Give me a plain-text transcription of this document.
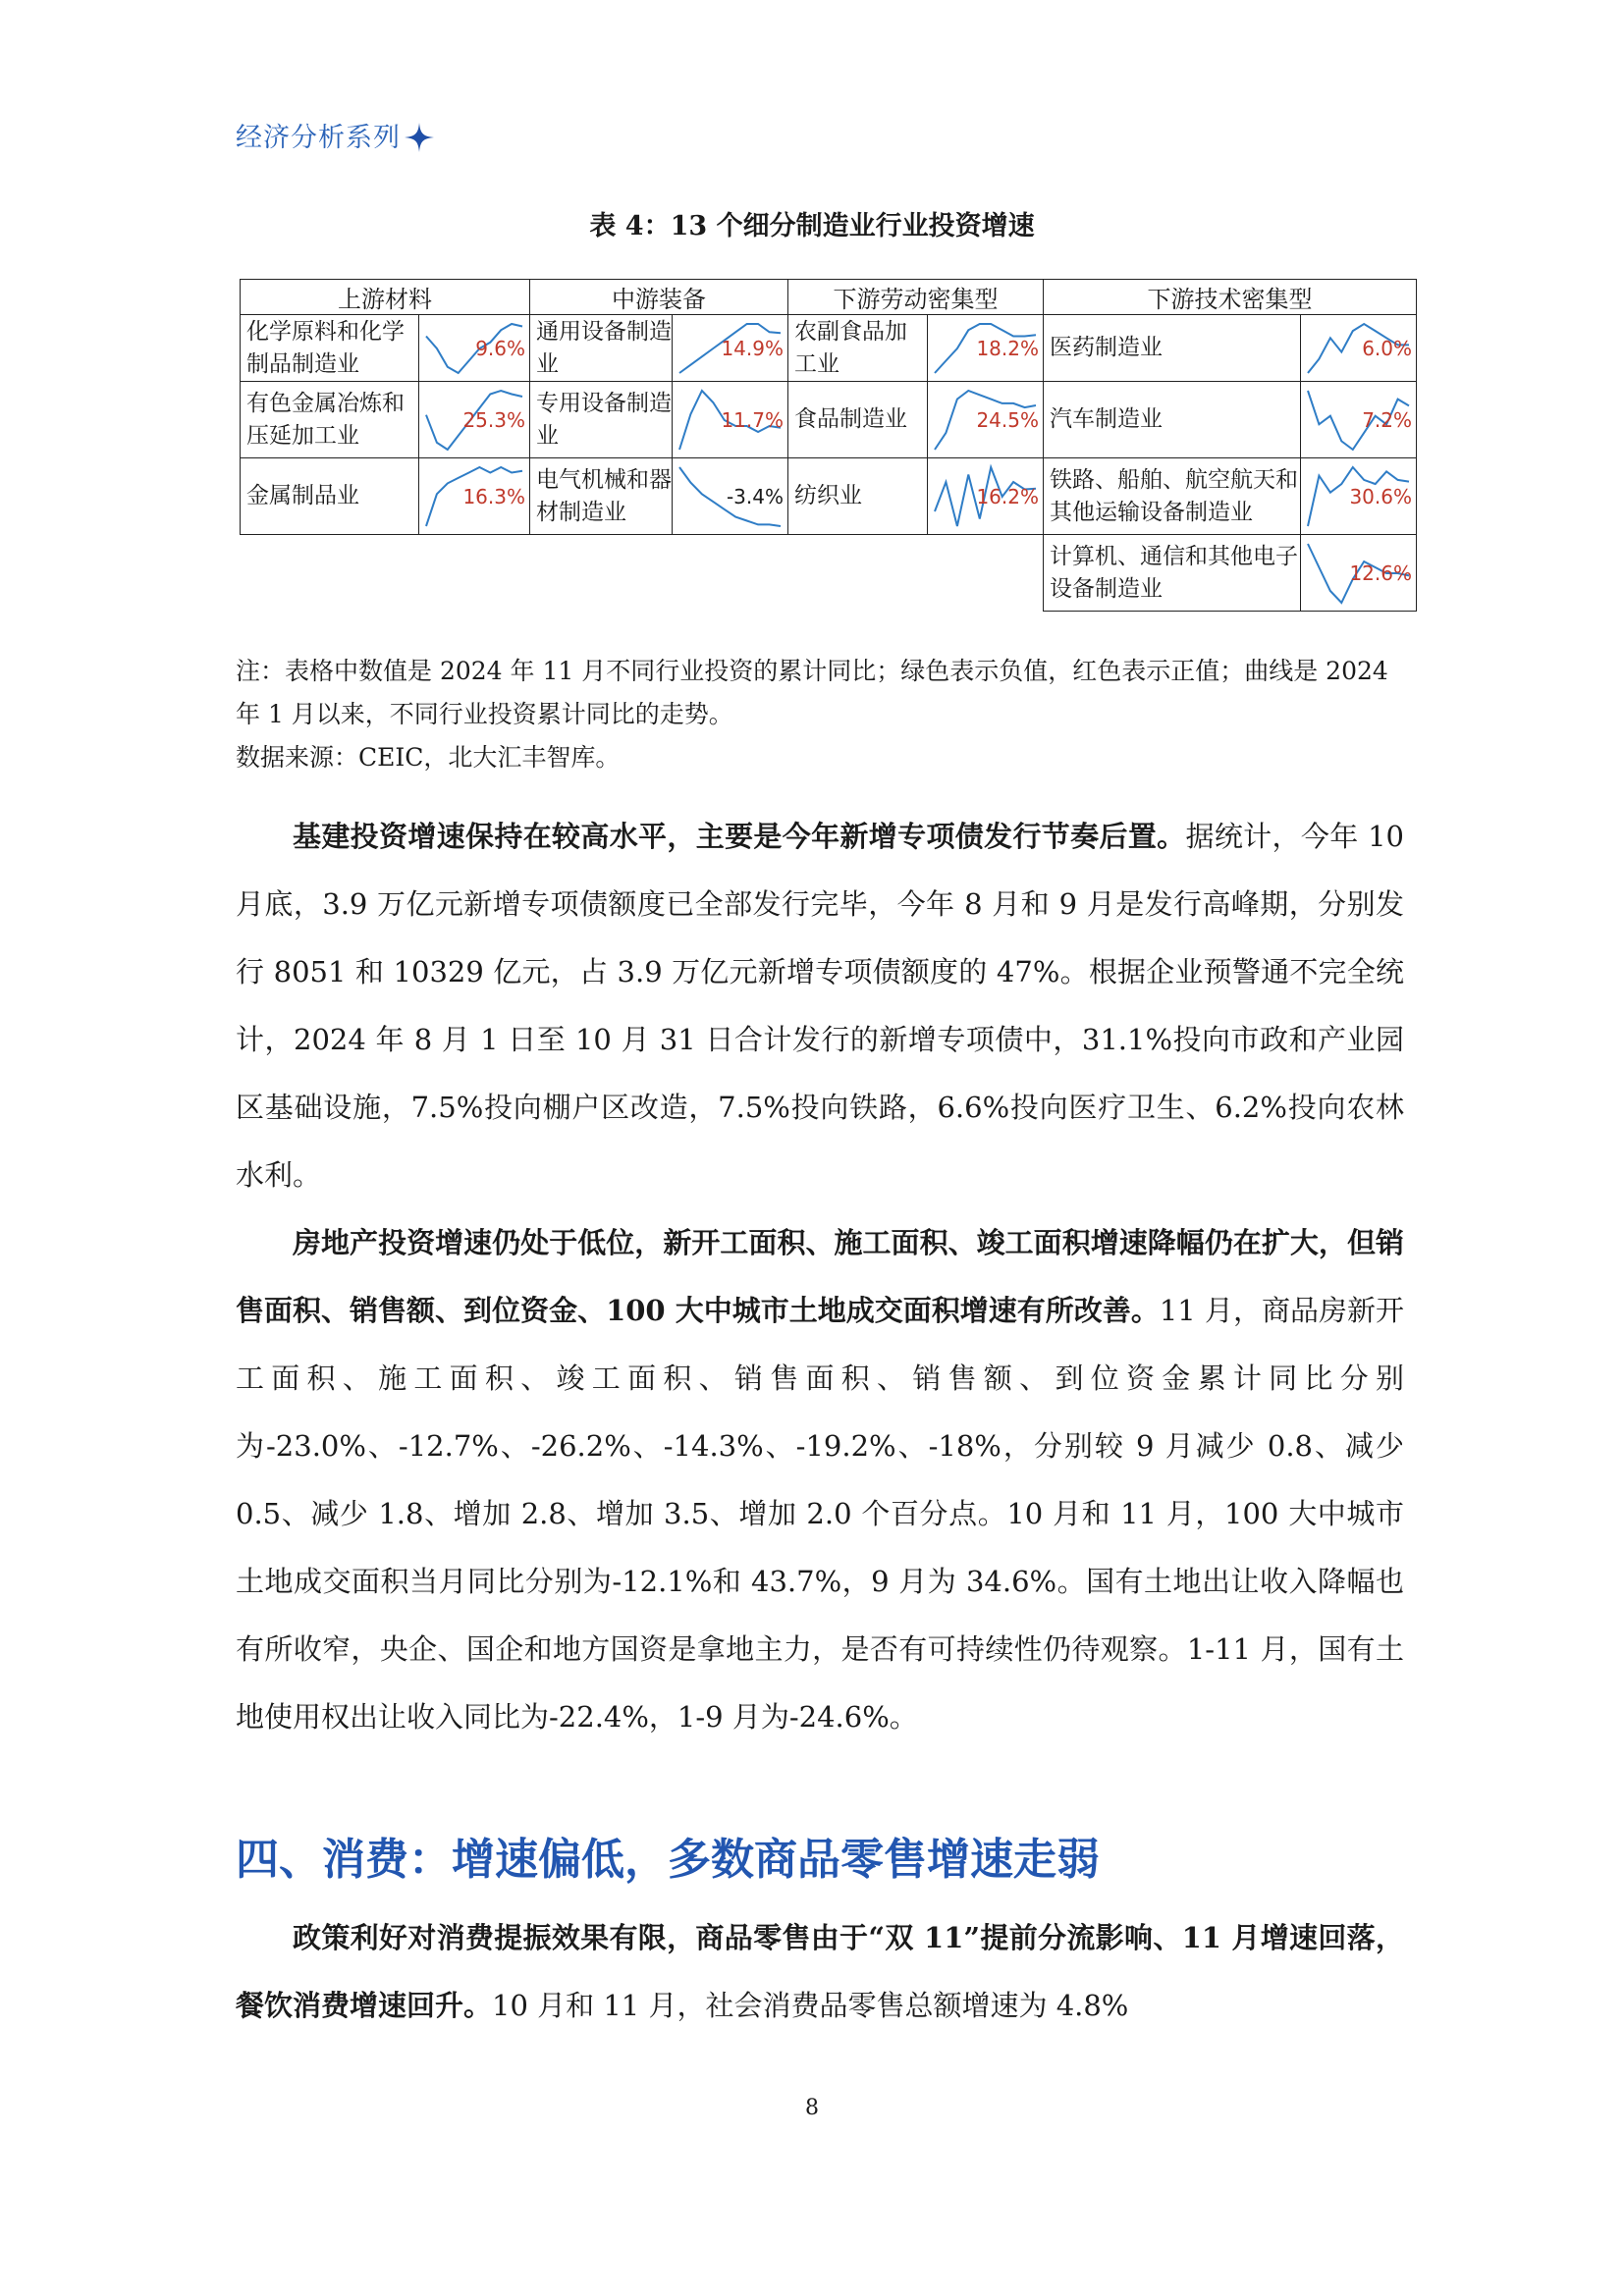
经济分析系列
表 4：13 个细分制造业行业投资增速
上游材料		中游装备		下游劳动密集型		下游技术密集型	
化学原料和化学制品制造业	9.6%	通用设备制造业	14.9%	农副食品加工业	18.2%	医药制造业	6.0%

有色金属冶炼和压延加工业	25.3%	专用设备制造业	11.7%	食品制造业	24.5%	汽车制造业	7.2%

金属制品业	16.3%	电气机械和器材制造业	-3.4%	纺织业	16.2%	铁路、船舶、航空航天和其他运输设备制造业	30.6%

						计算机、通信和其他电子设备制造业	12.6%
注：表格中数值是 2024 年 11 月不同行业投资的累计同比；绿色表示负值，红色表示正值；曲线是 2024 年 1 月以来，不同行业投资累计同比的走势。
数据来源：CEIC，北大汇丰智库。
基建投资增速保持在较高水平，主要是今年新增专项债发行节奏后置。据统计，今年 10 月底，3.9 万亿元新增专项债额度已全部发行完毕，今年 8 月和 9 月是发行高峰期，分别发行 8051 和 10329 亿元，占 3.9 万亿元新增专项债额度的 47%。根据企业预警通不完全统计，2024 年 8 月 1 日至 10 月 31 日合计发行的新增专项债中，31.1%投向市政和产业园区基础设施，7.5%投向棚户区改造，7.5%投向铁路，6.6%投向医疗卫生、6.2%投向农林水利。
房地产投资增速仍处于低位，新开工面积、施工面积、竣工面积增速降幅仍在扩大，但销售面积、销售额、到位资金、100 大中城市土地成交面积增速有所改善。11 月，商品房新开工面积、施工面积、竣工面积、销售面积、销售额、到位资金累计同比分别为-23.0%、-12.7%、-26.2%、-14.3%、-19.2%、-18%，分别较 9 月减少 0.8、减少 0.5、减少 1.8、增加 2.8、增加 3.5、增加 2.0 个百分点。10 月和 11 月，100 大中城市土地成交面积当月同比分别为-12.1%和 43.7%，9 月为 34.6%。国有土地出让收入降幅也有所收窄，央企、国企和地方国资是拿地主力，是否有可持续性仍待观察。1-11 月，国有土地使用权出让收入同比为-22.4%，1-9 月为-24.6%。
四、消费：增速偏低，多数商品零售增速走弱
政策利好对消费提振效果有限，商品零售由于“双 11”提前分流影响、11 月增速回落，餐饮消费增速回升。10 月和 11 月，社会消费品零售总额增速为 4.8%
8
